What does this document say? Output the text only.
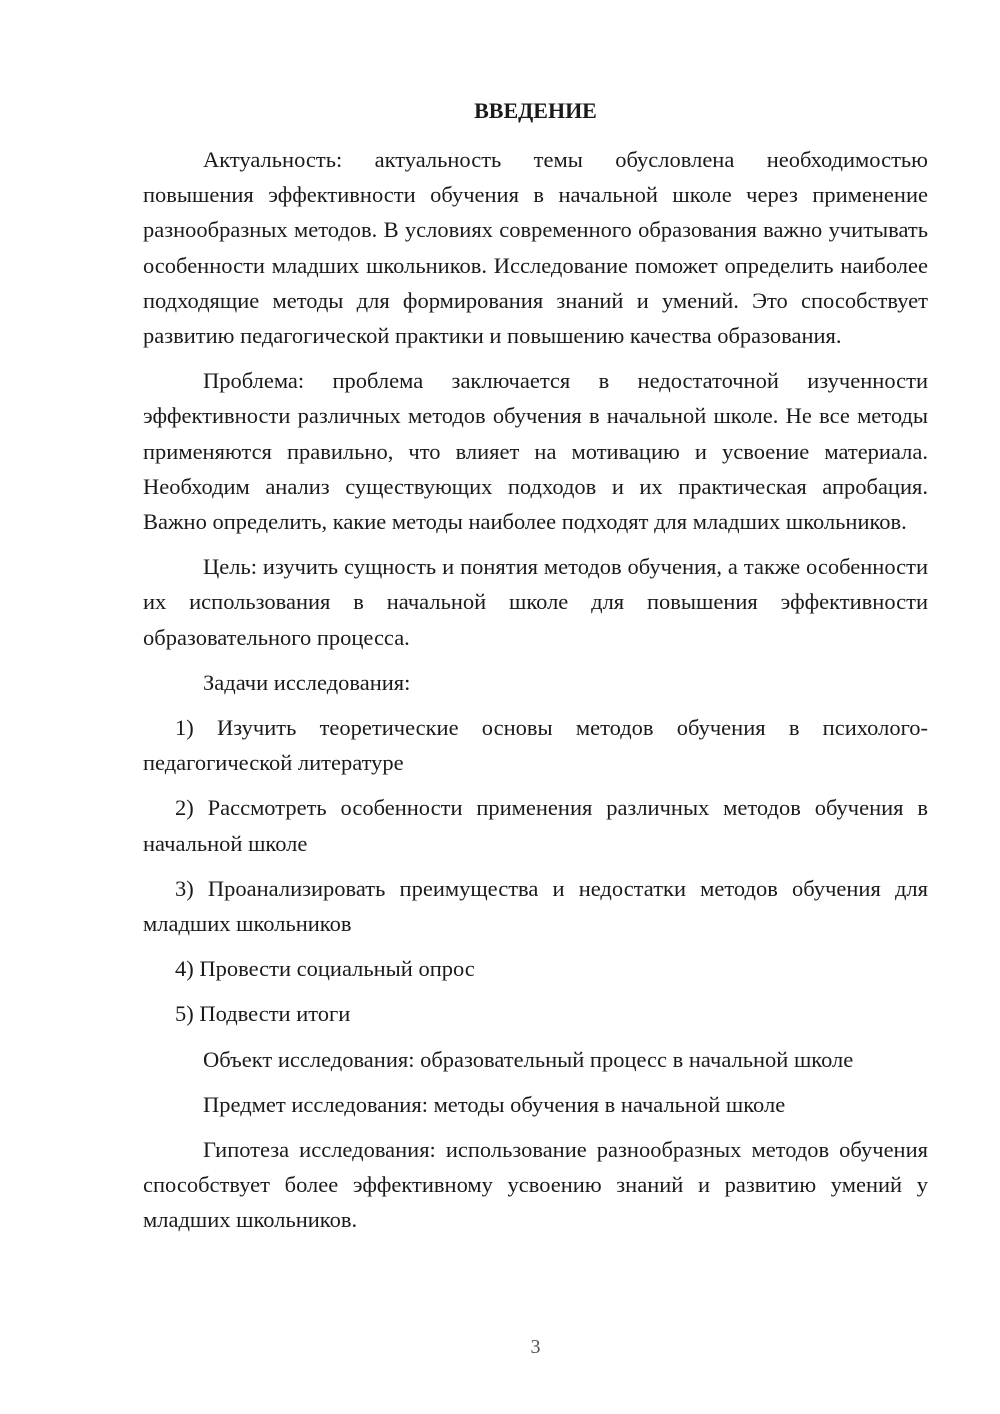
ВВЕДЕНИЕ

Актуальность: актуальность темы обусловлена необходимостью повышения эффективности обучения в начальной школе через применение разнообразных методов. В условиях современного образования важно учитывать особенности младших школьников. Исследование поможет определить наиболее подходящие методы для формирования знаний и умений. Это способствует развитию педагогической практики и повышению качества образования.

Проблема: проблема заключается в недостаточной изученности эффективности различных методов обучения в начальной школе. Не все методы применяются правильно, что влияет на мотивацию и усвоение материала. Необходим анализ существующих подходов и их практическая апробация. Важно определить, какие методы наиболее подходят для младших школьников.

Цель: изучить сущность и понятия методов обучения, а также особенности их использования в начальной школе для повышения эффективности образовательного процесса.

Задачи исследования:

1) Изучить теоретические основы методов обучения в психолого-педагогической литературе

2) Рассмотреть особенности применения различных методов обучения в начальной школе

3) Проанализировать преимущества и недостатки методов обучения для младших школьников

4) Провести социальный опрос

5) Подвести итоги

Объект исследования: образовательный процесс в начальной школе

Предмет исследования: методы обучения в начальной школе

Гипотеза исследования: использование разнообразных методов обучения способствует более эффективному усвоению знаний и развитию умений у младших школьников.

3
